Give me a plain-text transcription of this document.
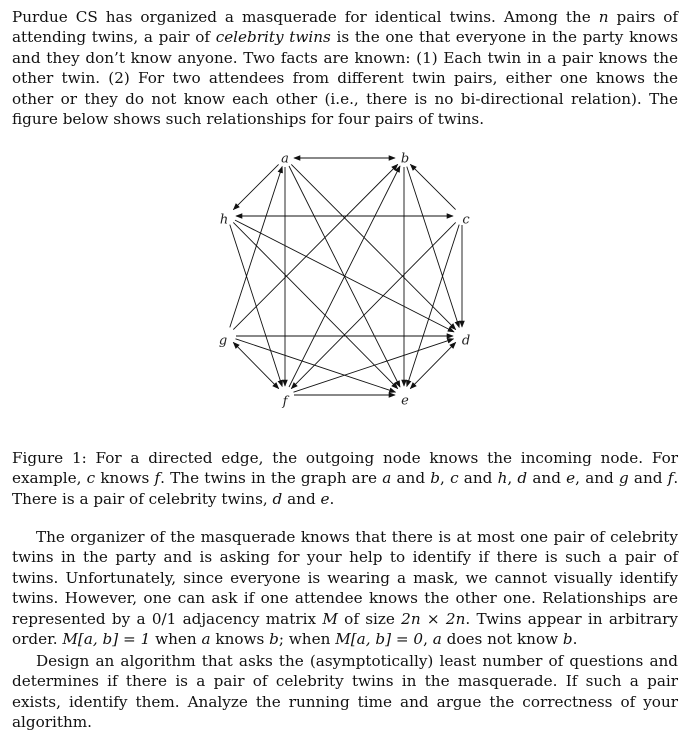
Purdue CS has organized a masquerade for identical twins. Among the n pairs of attending twins, a pair of celebrity twins is the one that everyone in the party knows and they don’t know anyone. Two facts are known: (1) Each twin in a pair knows the other twin. (2) For two attendees from different twin pairs, either one knows the other or they do not know each other (i.e., there is no bi-directional relation). The figure below shows such relationships for four pairs of twins.

a	b
c
d
e
f
g
h

Figure 1: For a directed edge, the outgoing node knows the incoming node. For example, c knows f. The twins in the graph are a and b, c and h, d and e, and g and f. There is a pair of celebrity twins, d and e.

The organizer of the masquerade knows that there is at most one pair of celebrity twins in the party and is asking for your help to identify if there is such a pair of twins. Unfortunately, since everyone is wearing a mask, we cannot visually identify twins. However, one can ask if one attendee knows the other one. Relationships are represented by a 0/1 adjacency matrix M of size 2n × 2n. Twins appear in arbitrary order. M[a, b] = 1 when a knows b; when M[a, b] = 0, a does not know b.

Design an algorithm that asks the (asymptotically) least number of questions and determines if there is a pair of celebrity twins in the masquerade. If such a pair exists, identify them. Analyze the running time and argue the correctness of your algorithm.
